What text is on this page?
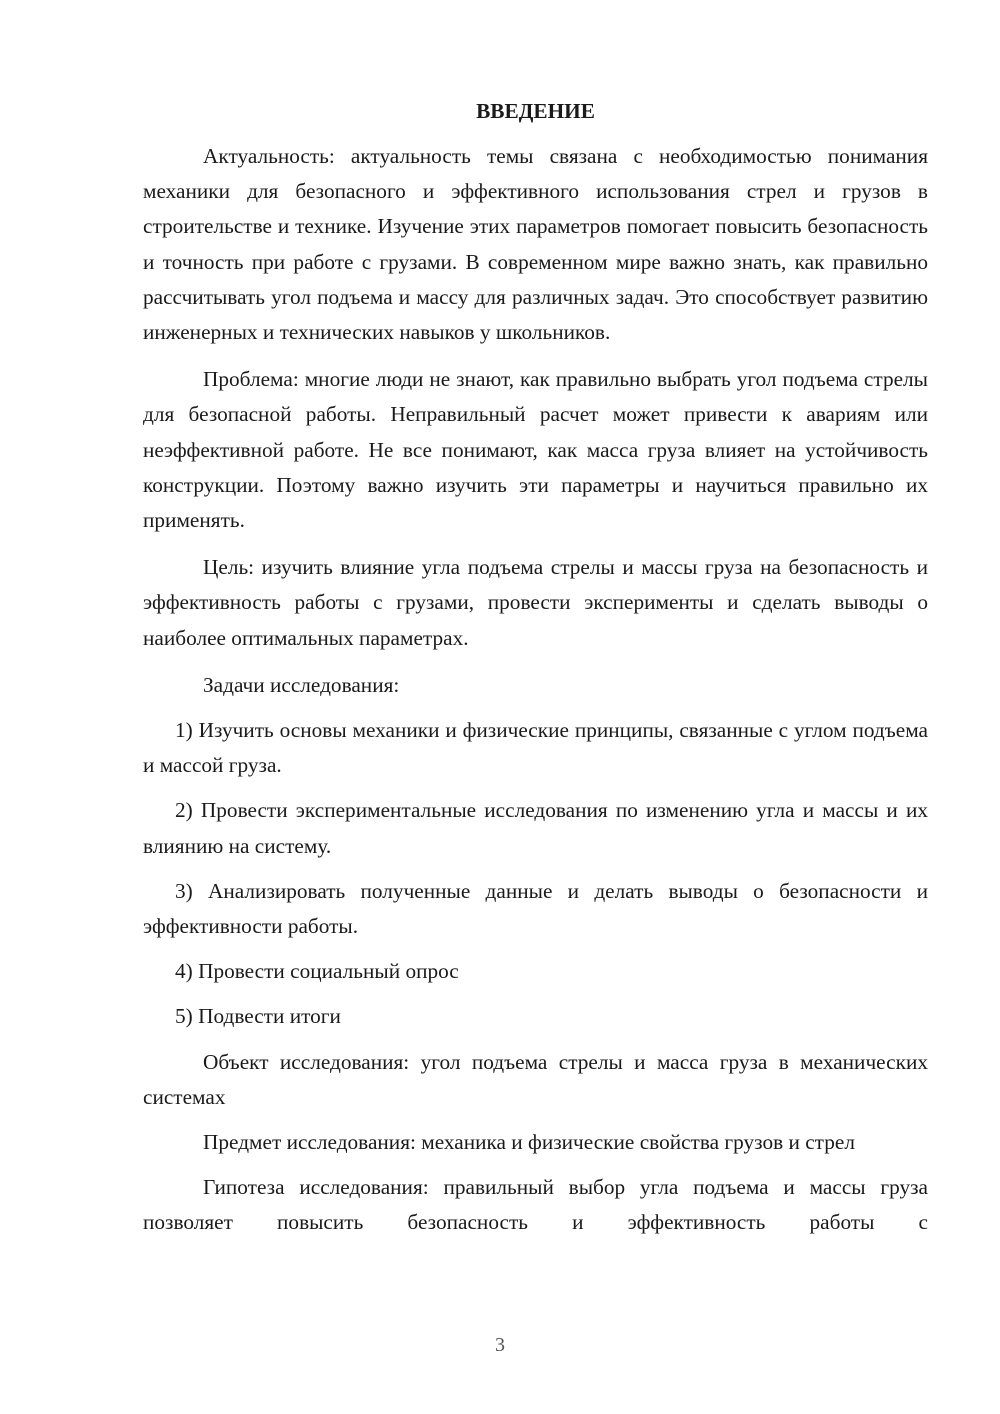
ВВЕДЕНИЕ

Актуальность: актуальность темы связана с необходимостью понимания механики для безопасного и эффективного использования стрел и грузов в строительстве и технике. Изучение этих параметров помогает повысить безопасность и точность при работе с грузами. В современном мире важно знать, как правильно рассчитывать угол подъема и массу для различных задач. Это способствует развитию инженерных и технических навыков у школьников.

Проблема: многие люди не знают, как правильно выбрать угол подъема стрелы для безопасной работы. Неправильный расчет может привести к авариям или неэффективной работе. Не все понимают, как масса груза влияет на устойчивость конструкции. Поэтому важно изучить эти параметры и научиться правильно их применять.

Цель: изучить влияние угла подъема стрелы и массы груза на безопасность и эффективность работы с грузами, провести эксперименты и сделать выводы о наиболее оптимальных параметрах.

Задачи исследования:

1) Изучить основы механики и физические принципы, связанные с углом подъема и массой груза.

2) Провести экспериментальные исследования по изменению угла и массы и их влиянию на систему.

3) Анализировать полученные данные и делать выводы о безопасности и эффективности работы.

4) Провести социальный опрос

5) Подвести итоги

Объект исследования: угол подъема стрелы и масса груза в механических системах

Предмет исследования: механика и физические свойства грузов и стрел

Гипотеза исследования: правильный выбор угла подъема и массы груза позволяет повысить безопасность и эффективность работы с

3
